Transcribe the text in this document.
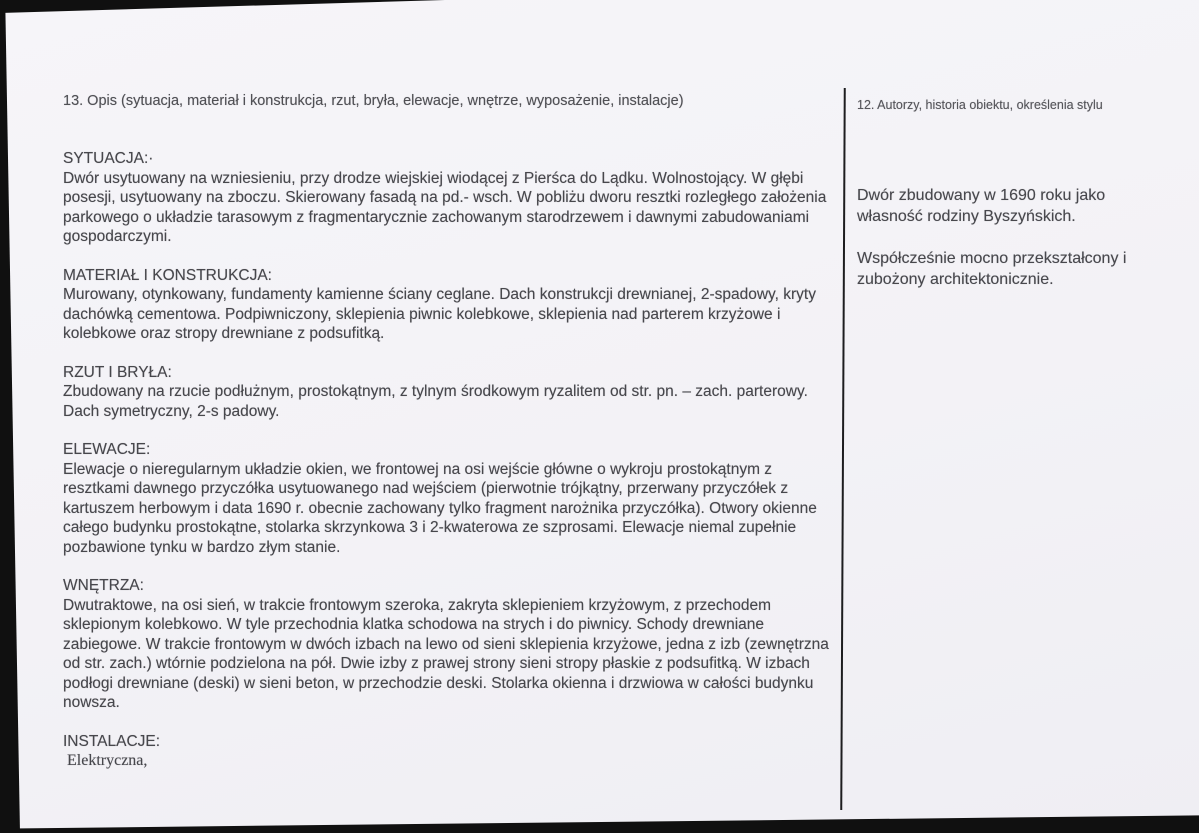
13. Opis (sytuacja, materiał i konstrukcja, rzut, bryła, elewacje, wnętrze, wyposażenie, instalacje)
SYTUACJA:·

Dwór usytuowany na wzniesieniu, przy drodze wiejskiej wiodącej z Pierśca do Lądku. Wolnostojący. W głębi posesji, usytuowany na zboczu. Skierowany fasadą na pd.- wsch. W pobliżu dworu resztki rozległego założenia parkowego o układzie tarasowym z fragmentarycznie zachowanym starodrzewem i dawnymi zabudowaniami gospodarczymi.

MATERIAŁ I KONSTRUKCJA:

Murowany, otynkowany, fundamenty kamienne ściany ceglane. Dach konstrukcji drewnianej, 2-spadowy, kryty dachówką cementowa. Podpiwniczony, sklepienia piwnic kolebkowe, sklepienia nad parterem krzyżowe i kolebkowe oraz stropy drewniane z podsufitką.

RZUT I BRYŁA:

Zbudowany na rzucie podłużnym, prostokątnym, z tylnym środkowym ryzalitem od str. pn. – zach. parterowy. Dach symetryczny, 2-s padowy.

ELEWACJE:

Elewacje o nieregularnym układzie okien, we frontowej na osi wejście główne o wykroju prostokątnym z resztkami dawnego przyczółka usytuowanego nad wejściem (pierwotnie trójkątny, przerwany przyczółek z kartuszem herbowym i data 1690 r. obecnie zachowany tylko fragment narożnika przyczółka). Otwory okienne całego budynku prostokątne, stolarka skrzynkowa 3 i 2-kwaterowa ze szprosami. Elewacje niemal zupełnie pozbawione tynku w bardzo złym stanie.

WNĘTRZA:

Dwutraktowe, na osi sień, w trakcie frontowym szeroka, zakryta sklepieniem krzyżowym, z przechodem sklepionym kolebkowo. W tyle przechodnia klatka schodowa na strych i do piwnicy. Schody drewniane zabiegowe. W trakcie frontowym w dwóch izbach na lewo od sieni sklepienia krzyżowe, jedna z izb (zewnętrzna od str. zach.) wtórnie podzielona na pół. Dwie izby z prawej strony sieni stropy płaskie z podsufitką. W izbach podłogi drewniane (deski) w sieni beton, w przechodzie deski. Stolarka okienna i drzwiowa w całości budynku nowsza.

INSTALACJE:

Elektryczna,

12. Autorzy, historia obiektu, określenia stylu

Dwór zbudowany w 1690 roku jako własność rodziny Byszyńskich.

Współcześnie mocno przekształcony i zubożony architektonicznie.
